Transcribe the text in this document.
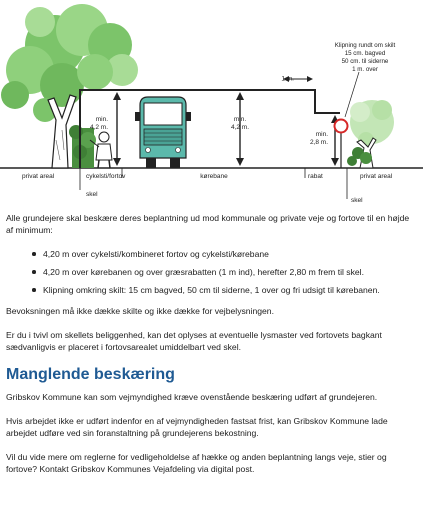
min.
4,2 m.
min.
4,2 m.
1 m.
min.
2,8 m.
Klipning rundt om skilt
15 cm. bagved
50 cm. til siderne
1 m. over
privat areal	cykelsti/fortov	kørebane	rabat	privat areal
skel
skel

Alle grundejere skal beskære deres beplantning ud mod kommunale og private veje og fortove til en højde af minimum:

4,20 m over cykelsti/kombineret fortov og cykelsti/kørebane
4,20 m over kørebanen og over græsrabatten (1 m ind), herefter 2,80 m frem til skel.
Klipning omkring skilt: 15 cm bagved, 50 cm til siderne, 1 over og fri udsigt til kørebanen.

Bevoksningen må ikke dække skilte og ikke dække for vejbelysningen.

Er du i tvivl om skellets beliggenhed, kan det oplyses at eventuelle lysmaster ved fortovets bagkant sædvanligvis er placeret i fortovsarealet umiddelbart ved skel.

Manglende beskæring

Gribskov Kommune kan som vejmyndighed kræve ovenstående beskæring udført af grundejeren.

Hvis arbejdet ikke er udført indenfor en af vejmyndigheden fastsat frist, kan Gribskov Kommune lade arbejdet udføre ved sin foranstaltning på grundejerens bekostning.

Vil du vide mere om reglerne for vedligeholdelse af hække og anden beplantning langs veje, stier og fortove? Kontakt Gribskov Kommunes Vejafdeling via digital post.
